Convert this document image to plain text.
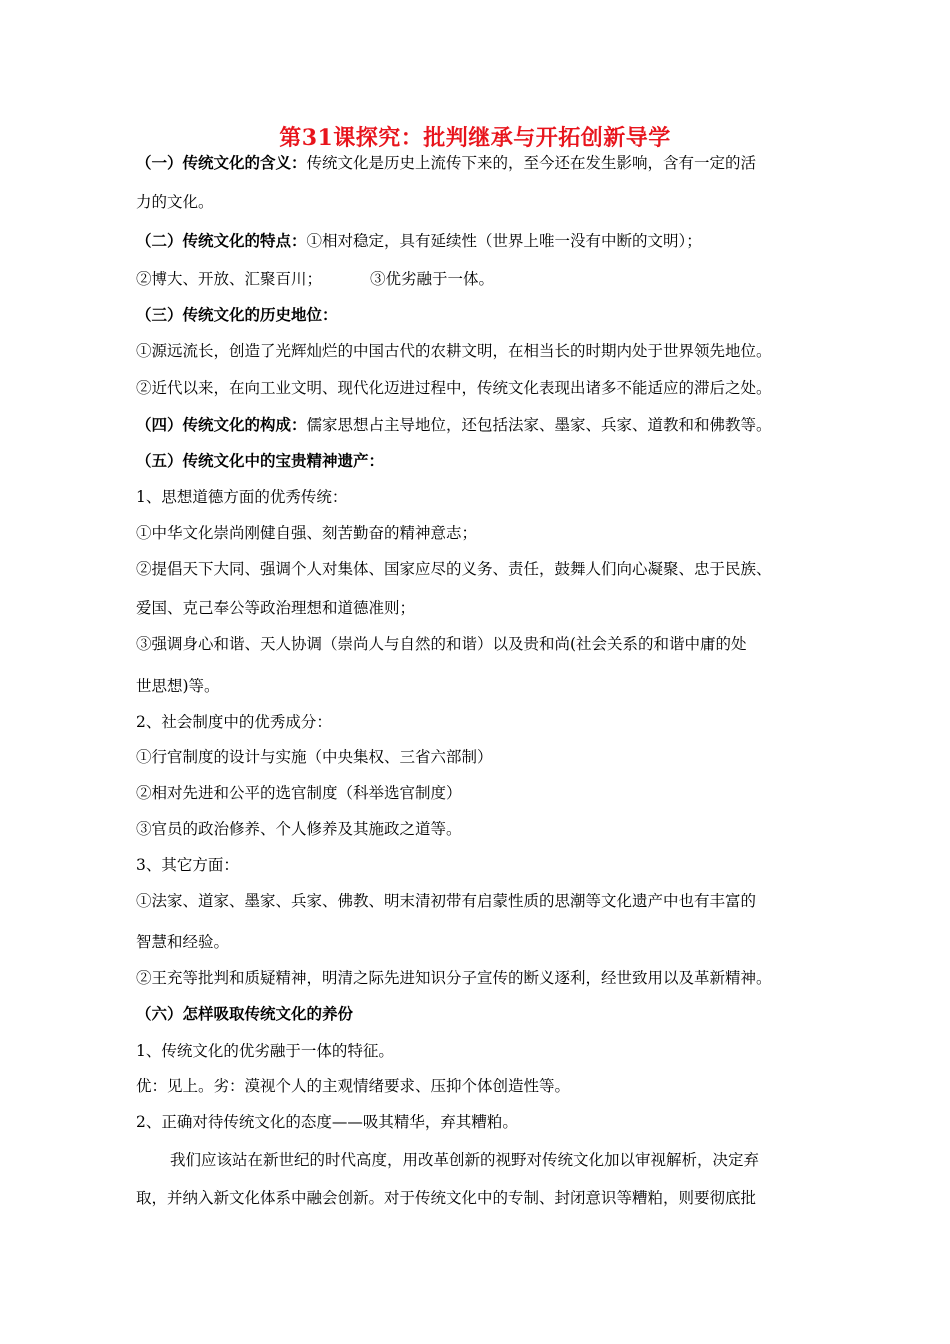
第31课探究：批判继承与开拓创新导学
（一）传统文化的含义：传统文化是历史上流传下来的，至今还在发生影响，含有一定的活
力的文化。
（二）传统文化的特点：①相对稳定，具有延续性（世界上唯一没有中断的文明）；
②博大、开放、汇聚百川；	③优劣融于一体。
（三）传统文化的历史地位：
①源远流长，创造了光辉灿烂的中国古代的农耕文明，在相当长的时期内处于世界领先地位。
②近代以来，在向工业文明、现代化迈进过程中，传统文化表现出诸多不能适应的滞后之处。
（四）传统文化的构成：儒家思想占主导地位，还包括法家、墨家、兵家、道教和和佛教等。
（五）传统文化中的宝贵精神遗产：
1、思想道德方面的优秀传统：
①中华文化崇尚刚健自强、刻苦勤奋的精神意志；
②提倡天下大同、强调个人对集体、国家应尽的义务、责任，鼓舞人们向心凝聚、忠于民族、
爱国、克己奉公等政治理想和道德准则；
③强调身心和谐、天人协调（崇尚人与自然的和谐）以及贵和尚(社会关系的和谐中庸的处
世思想)等。
2、社会制度中的优秀成分：
①行官制度的设计与实施（中央集权、三省六部制）
②相对先进和公平的选官制度（科举选官制度）
③官员的政治修养、个人修养及其施政之道等。
3、其它方面：
①法家、道家、墨家、兵家、佛教、明末清初带有启蒙性质的思潮等文化遗产中也有丰富的
智慧和经验。
②王充等批判和质疑精神，明清之际先进知识分子宣传的断义逐利，经世致用以及革新精神。
（六）怎样吸取传统文化的养份
1、传统文化的优劣融于一体的特征。
优：见上。劣：漠视个人的主观情绪要求、压抑个体创造性等。
2、正确对待传统文化的态度——吸其精华，弃其糟粕。
我们应该站在新世纪的时代高度，用改革创新的视野对传统文化加以审视解析，决定弃
取，并纳入新文化体系中融会创新。对于传统文化中的专制、封闭意识等糟粕，则要彻底批
